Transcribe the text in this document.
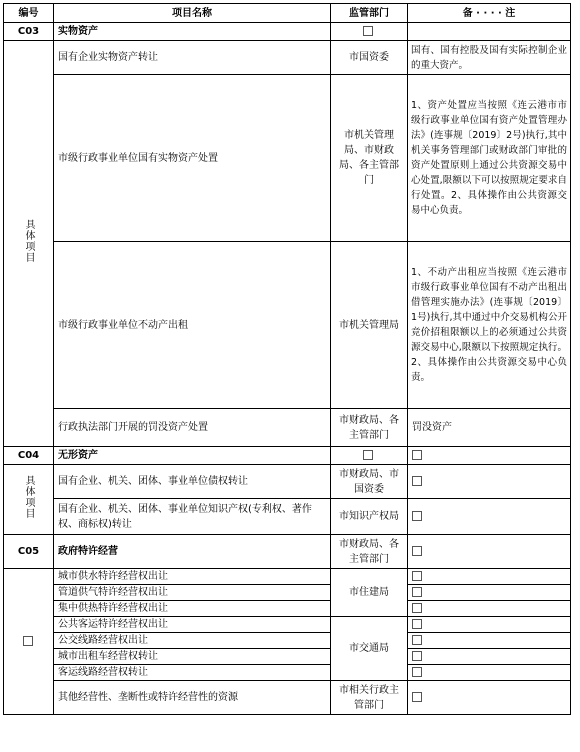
编号	项目名称	监管部门	备 · · · · 注
C03	实物资产		
具体项目	国有企业实物资产转让	市国资委	国有、国有控股及国有实际控制企业的重大资产。
	市级行政事业单位国有实物资产处置	市机关管理局、市财政局、各主管部门	1、资产处置应当按照《连云港市市级行政事业单位国有资产处置管理办法》(连事规〔2019〕2号)执行,其中机关事务管理部门或财政部门审批的资产处置原则上通过公共资源交易中心处置,限额以下可以按照规定要求自行处置。2、具体操作由公共资源交易中心负责。
	市级行政事业单位不动产出租	市机关管理局	1、不动产出租应当按照《连云港市市级行政事业单位国有不动产出租出借管理实施办法》(连事规〔2019〕1号)执行,其中通过中介交易机构公开竞价招租限额以上的必须通过公共资源交易中心,限额以下按照规定执行。2、具体操作由公共资源交易中心负责。
	行政执法部门开展的罚没资产处置	市财政局、各主管部门	罚没资产
C04	无形资产		
具体项目	国有企业、机关、团体、事业单位债权转让	市财政局、市国资委	
	国有企业、机关、团体、事业单位知识产权(专利权、著作权、商标权)转让	市知识产权局	
C05	政府特许经营	市财政局、各主管部门	
	城市供水特许经营权出让	市住建局	
	管道供气特许经营权出让		
	集中供热特许经营权出让		
	公共客运特许经营权出让	市交通局	
	公交线路经营权出让		
	城市出租车经营权转让		
	客运线路经营权转让		
	其他经营性、垄断性或特许经营性的资源	市相关行政主管部门	
